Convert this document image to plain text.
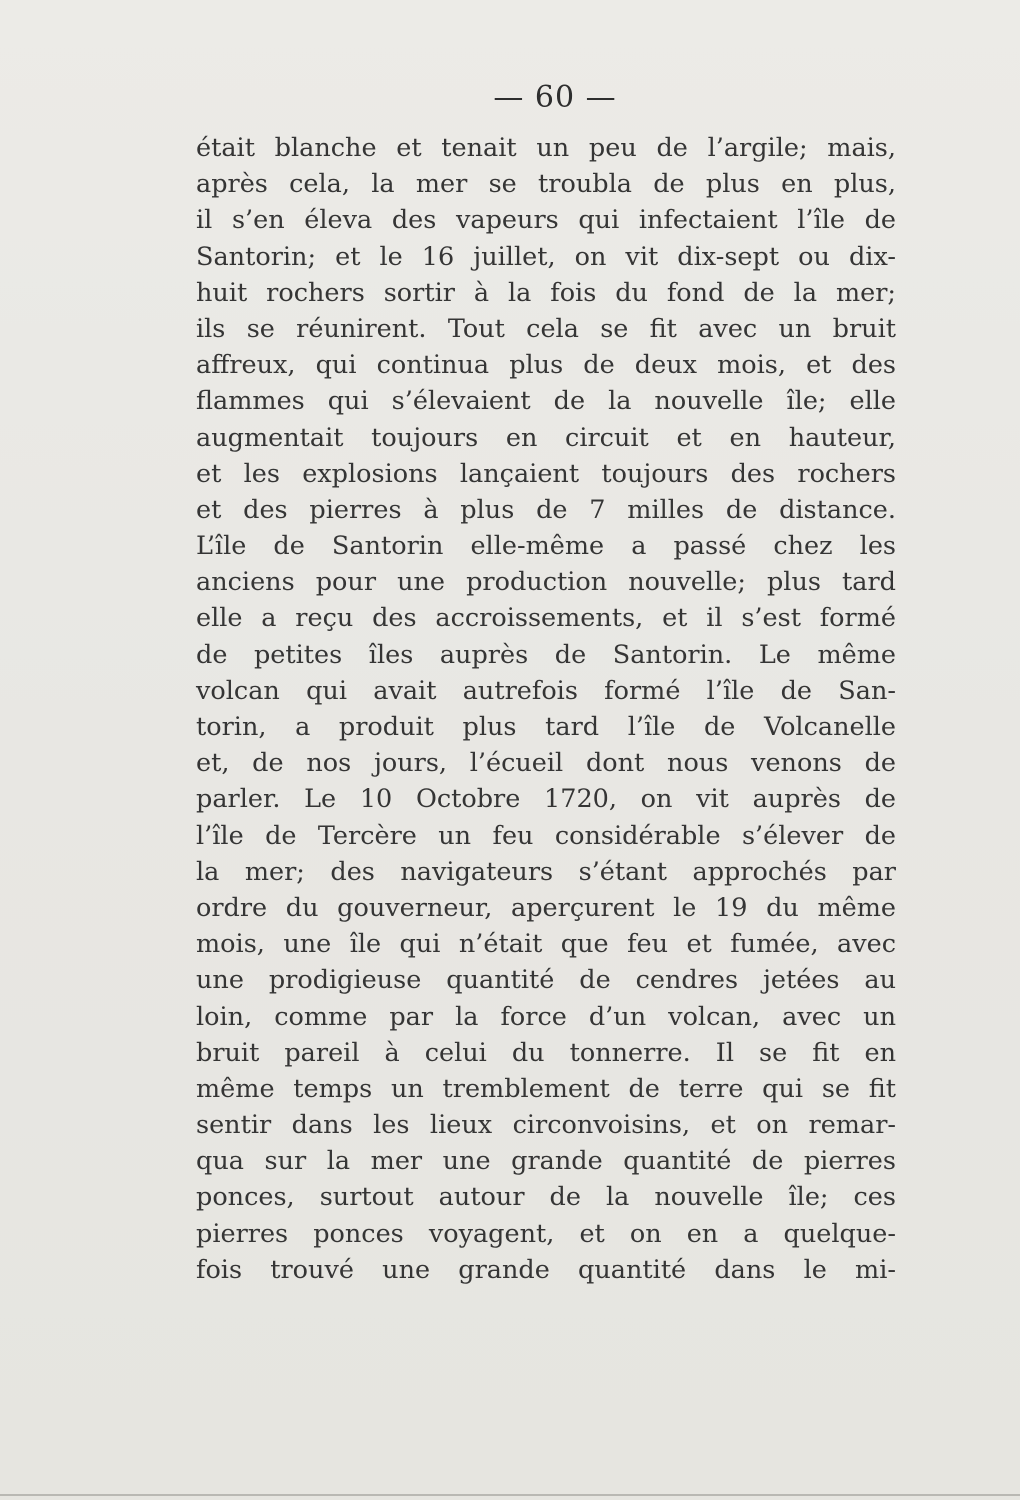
— 60 —
était blanche et tenait un peu de l’argile; mais,
après cela, la mer se troubla de plus en plus,
il s’en éleva des vapeurs qui infectaient l’île de
Santorin; et le 16 juillet, on vit dix-sept ou dix-
huit rochers sortir à la fois du fond de la mer;
ils se réunirent. Tout cela se fit avec un bruit
affreux, qui continua plus de deux mois, et des
flammes qui s’élevaient de la nouvelle île; elle
augmentait toujours en circuit et en hauteur,
et les explosions lançaient toujours des rochers
et des pierres à plus de 7 milles de distance.
L’île de Santorin elle-même a passé chez les
anciens pour une production nouvelle; plus tard
elle a reçu des accroissements, et il s’est formé
de petites îles auprès de Santorin. Le même
volcan qui avait autrefois formé l’île de San-
torin, a produit plus tard l’île de Volcanelle
et, de nos jours, l’écueil dont nous venons de
parler. Le 10 Octobre 1720, on vit auprès de
l’île de Tercère un feu considérable s’élever de
la mer; des navigateurs s’étant approchés par
ordre du gouverneur, aperçurent le 19 du même
mois, une île qui n’était que feu et fumée, avec
une prodigieuse quantité de cendres jetées au
loin, comme par la force d’un volcan, avec un
bruit pareil à celui du tonnerre. Il se fit en
même temps un tremblement de terre qui se fit
sentir dans les lieux circonvoisins, et on remar-
qua sur la mer une grande quantité de pierres
ponces, surtout autour de la nouvelle île; ces
pierres ponces voyagent, et on en a quelque-
fois trouvé une grande quantité dans le mi-
